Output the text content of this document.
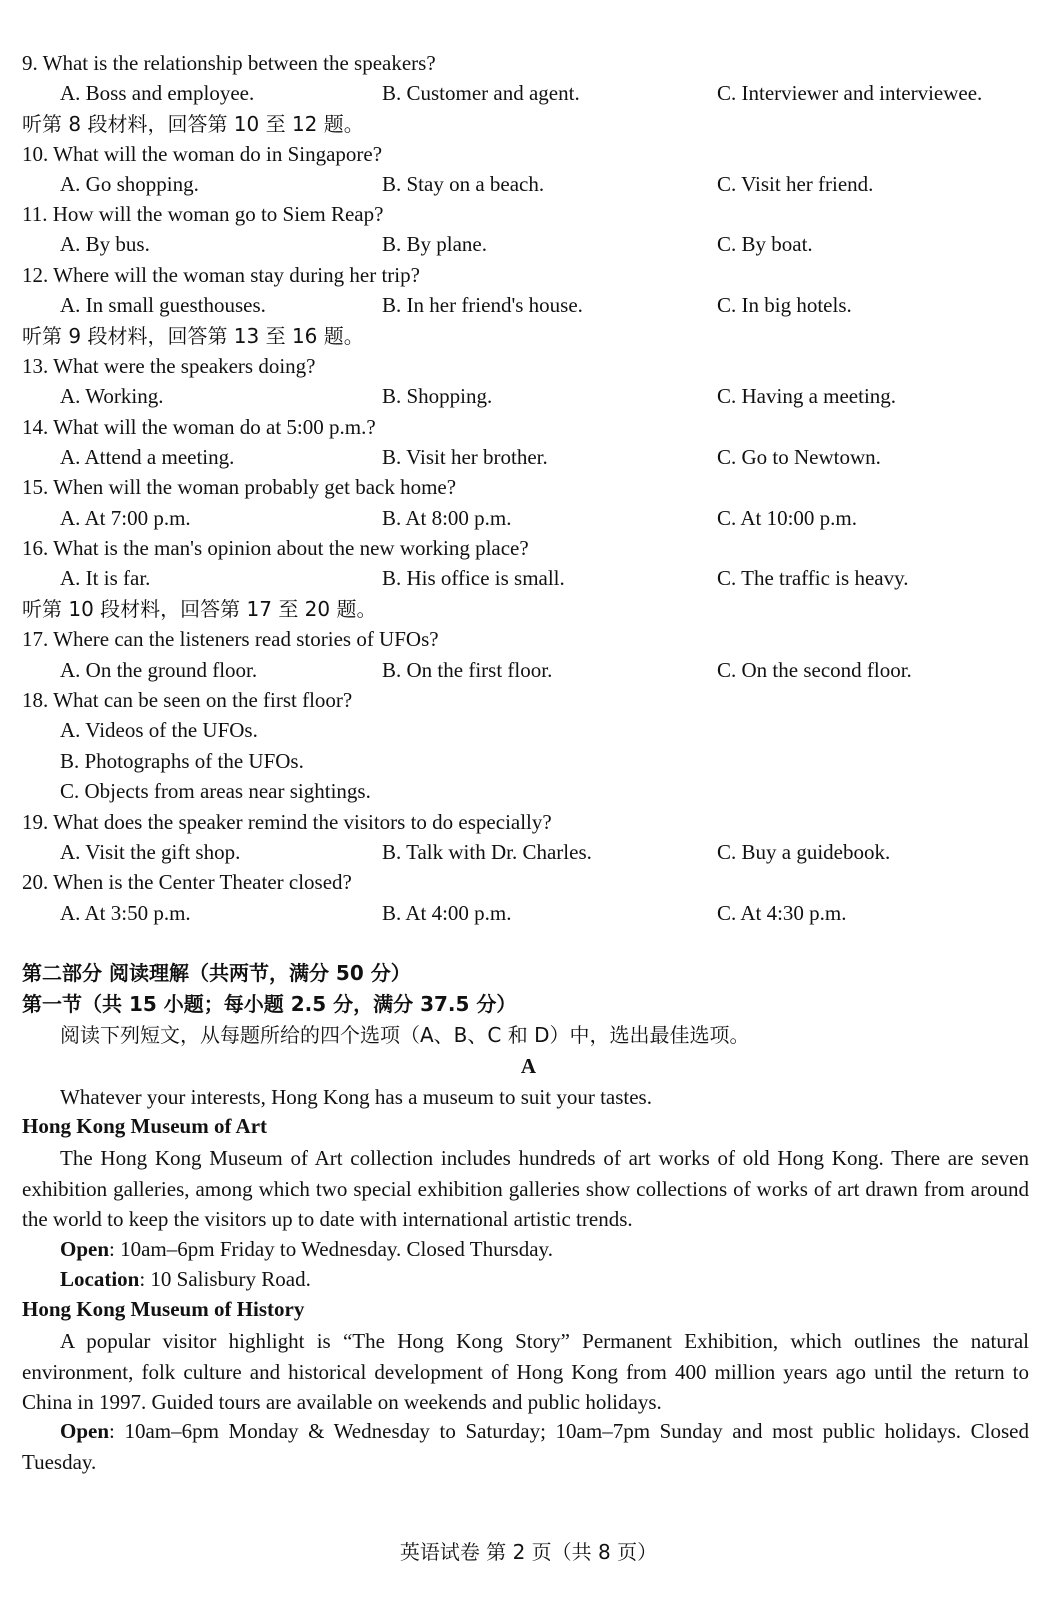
9. What is the relationship between the speakers?
A. Boss and employee.	B. Customer and agent.	C. Interviewer and interviewee.
听第 8 段材料，回答第 10 至 12 题。
10. What will the woman do in Singapore?
A. Go shopping.	B. Stay on a beach.	C. Visit her friend.
11. How will the woman go to Siem Reap?
A. By bus.	B. By plane.	C. By boat.
12. Where will the woman stay during her trip?
A. In small guesthouses.	B. In her friend's house.	C. In big hotels.
听第 9 段材料，回答第 13 至 16 题。
13. What were the speakers doing?
A. Working.	B. Shopping.	C. Having a meeting.
14. What will the woman do at 5:00 p.m.?
A. Attend a meeting.	B. Visit her brother.	C. Go to Newtown.
15. When will the woman probably get back home?
A. At 7:00 p.m.	B. At 8:00 p.m.	C. At 10:00 p.m.
16. What is the man's opinion about the new working place?
A. It is far.	B. His office is small.	C. The traffic is heavy.
听第 10 段材料，回答第 17 至 20 题。
17. Where can the listeners read stories of UFOs?
A. On the ground floor.	B. On the first floor.	C. On the second floor.
18. What can be seen on the first floor?
A. Videos of the UFOs.
B. Photographs of the UFOs.
C. Objects from areas near sightings.
19. What does the speaker remind the visitors to do especially?
A. Visit the gift shop.	B. Talk with Dr. Charles.	C. Buy a guidebook.
20. When is the Center Theater closed?
A. At 3:50 p.m.	B. At 4:00 p.m.	C. At 4:30 p.m.
第二部分 阅读理解（共两节，满分 50 分）
第一节（共 15 小题；每小题 2.5 分，满分 37.5 分）
阅读下列短文，从每题所给的四个选项（A、B、C 和 D）中，选出最佳选项。
A
Whatever your interests, Hong Kong has a museum to suit your tastes.
Hong Kong Museum of Art
The Hong Kong Museum of Art collection includes hundreds of art works of old Hong Kong. There are seven exhibition galleries, among which two special exhibition galleries show collections of works of art drawn from around the world to keep the visitors up to date with international artistic trends.
Open: 10am–6pm Friday to Wednesday. Closed Thursday.
Location: 10 Salisbury Road.
Hong Kong Museum of History
A popular visitor highlight is “The Hong Kong Story” Permanent Exhibition, which outlines the natural environment, folk culture and historical development of Hong Kong from 400 million years ago until the return to China in 1997. Guided tours are available on weekends and public holidays.
Open: 10am–6pm Monday & Wednesday to Saturday; 10am–7pm Sunday and most public holidays. Closed Tuesday.
英语试卷 第 2 页（共 8 页）
